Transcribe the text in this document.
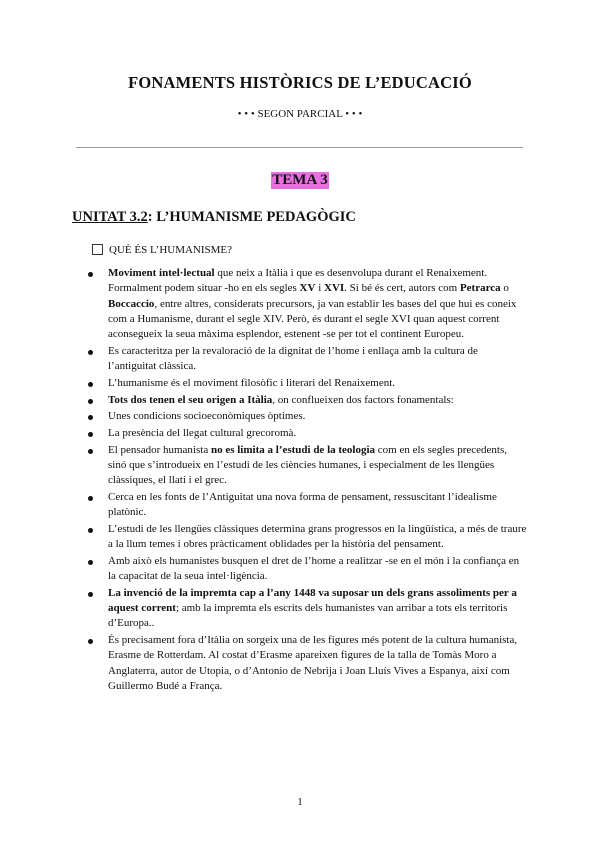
FONAMENTS HISTÒRICS DE L’EDUCACIÓ
• • • SEGON PARCIAL • • •
TEMA 3
UNITAT 3.2: L’HUMANISME PEDAGÒGIC
QUÈ ÉS L’HUMANISME?
Moviment intel·lectual que neix a Itàlia i que es desenvolupa durant el Renaixement. Formalment podem situar -ho en els segles XV i XVI. Si bé és cert, autors com Petrarca o Boccaccio, entre altres, considerats precursors, ja van establir les bases del que hui es coneix com a Humanisme, durant el segle XIV. Però, és durant el segle XVI quan aquest corrent aconsegueix la seua màxima esplendor, estenent -se per tot el continent Europeu.
Es caracteritza per la revaloració de la dignitat de l’home i enllaça amb la cultura de l’antiguitat clàssica.
L’humanisme és el moviment filosòfic i literari del Renaixement.
Tots dos tenen el seu origen a Itàlia, on conflueixen dos factors fonamentals:
Unes condicions socioeconòmiques òptimes.
La presència del llegat cultural grecoromà.
El pensador humanista no es limita a l’estudi de la teologia com en els segles precedents, sinó que s’introdueix en l’estudi de les ciències humanes, i especialment de les llengües clàssiques, el llatí i el grec.
Cerca en les fonts de l’Antiguitat una nova forma de pensament, ressuscitant l’idealisme platònic.
L’estudi de les llengües clàssiques determina grans progressos en la lingüística, a més de traure a la llum temes i obres pràcticament oblidades per la història del pensament.
Amb això els humanistes busquen el dret de l’home a realitzar -se en el món i la confiança en la capacitat de la seua intel·ligència.
La invenció de la impremta cap a l’any 1448 va suposar un dels grans assoliments per a aquest corrent; amb la impremta els escrits dels humanistes van arribar a tots els territoris d’Europa..
És precisament fora d’Itàlia on sorgeix una de les figures més potent de la cultura humanista, Erasme de Rotterdam. Al costat d’Erasme apareixen figures de la talla de Tomàs Moro a Anglaterra, autor de Utopia, o d’Antonio de Nebrija i Joan Lluís Vives a Espanya, així com Guillermo Budé a França.
1
